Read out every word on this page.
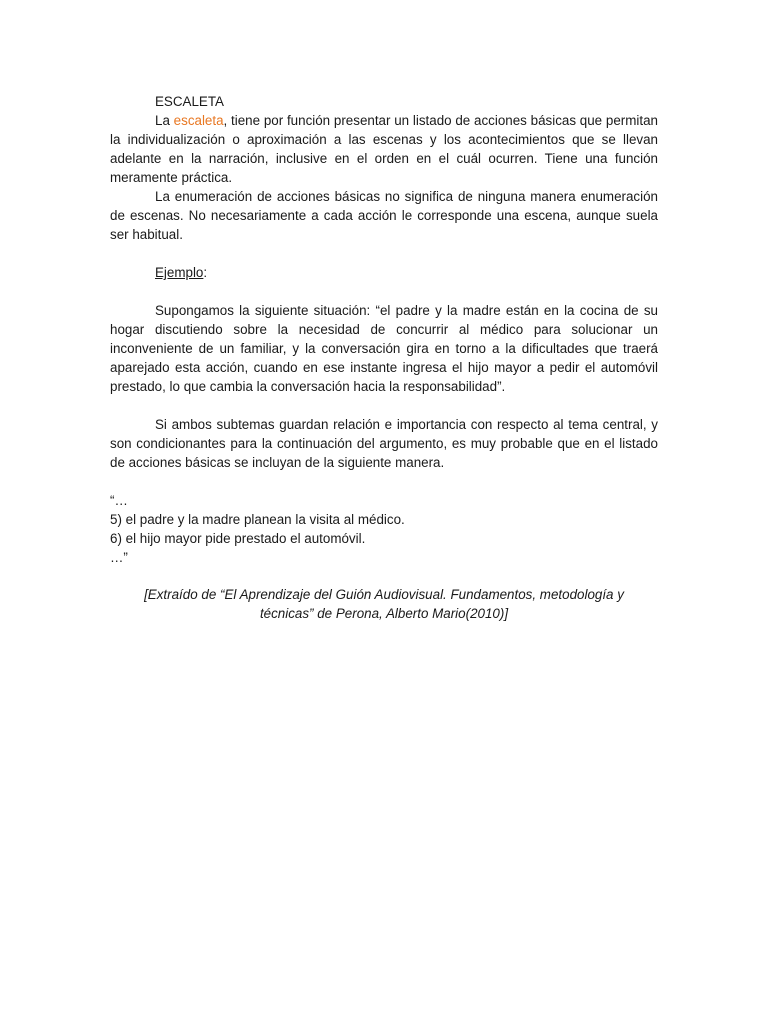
ESCALETA

La escaleta, tiene por función presentar un listado de acciones básicas que permitan la individualización o aproximación a las escenas y los acontecimientos que se llevan adelante en la narración, inclusive en el orden en el cuál ocurren. Tiene una función meramente práctica.

La enumeración de acciones básicas no significa de ninguna manera enumeración de escenas. No necesariamente a cada acción le corresponde una escena, aunque suela ser habitual.

Ejemplo:

Supongamos la siguiente situación: “el padre y la madre están en la cocina de su hogar discutiendo sobre la necesidad de concurrir al médico para solucionar un inconveniente de un familiar, y la conversación gira en torno a la dificultades que traerá aparejado esta acción, cuando en ese instante ingresa el hijo mayor a pedir el automóvil prestado, lo que cambia la conversación hacia la responsabilidad”.

Si ambos subtemas guardan relación e importancia con respecto al tema central, y son condicionantes para la continuación del argumento, es muy probable que en el listado de acciones básicas se incluyan de la siguiente manera.

“…

5) el padre y la madre planean la visita al médico.

6) el hijo mayor pide prestado el automóvil.

…”

[Extraído de “El Aprendizaje del Guión Audiovisual. Fundamentos, metodología y técnicas” de Perona, Alberto Mario(2010)]
